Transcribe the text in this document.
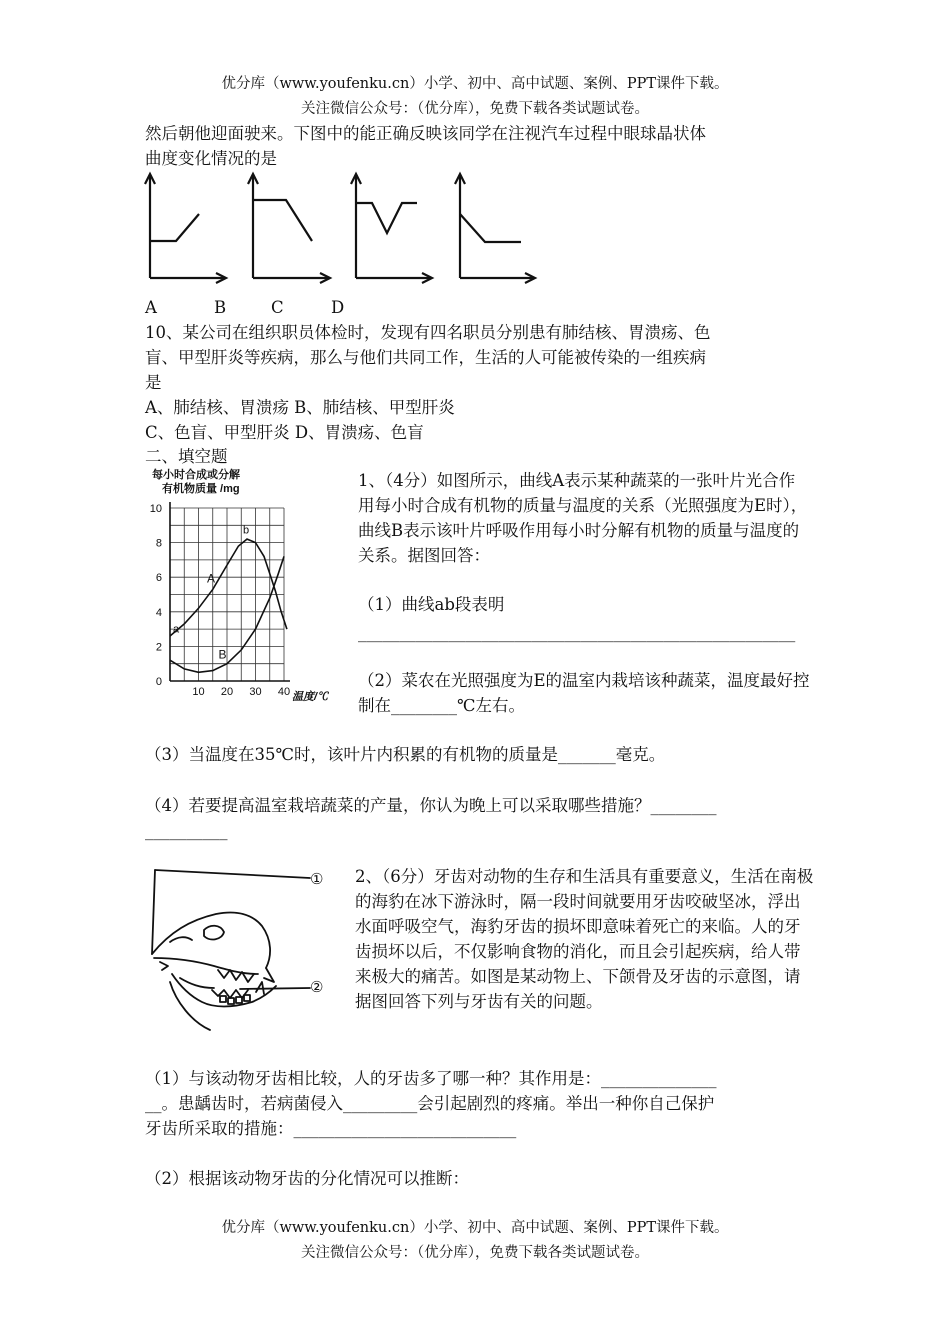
优分库（www.youfenku.cn）小学、初中、高中试题、案例、PPT课件下载。
关注微信公众号：（优分库），免费下载各类试题试卷。
然后朝他迎面驶来。下图中的能正确反映该同学在注视汽车过程中眼球晶状体
曲度变化情况的是
A	B	C	D
10、某公司在组织职员体检时，发现有四名职员分别患有肺结核、胃溃疡、色
盲、甲型肝炎等疾病，那么与他们共同工作，生活的人可能被传染的一组疾病
是
A、肺结核、胃溃疡 B、肺结核、甲型肝炎
C、色盲、甲型肝炎 D、胃溃疡、色盲
二、填空题
每小时合成或分解
有机物质量 /mg
0
2
4
6
8
10
10 20 30 40 温度/℃
a
b
A
B
1、（4分）如图所示，曲线A表示某种蔬菜的一张叶片光合作用每小时合成有机物的质量与温度的关系（光照强度为E时），曲线B表示该叶片呼吸作用每小时分解有机物的质量与温度的关系。据图回答：
（1）曲线ab段表明
_____________________________________________________
（2）菜农在光照强度为E的温室内栽培该种蔬菜，温度最好控制在________℃左右。
（3）当温度在35℃时，该叶片内积累的有机物的质量是_______毫克。
（4）若要提高温室栽培蔬菜的产量，你认为晚上可以采取哪些措施？________
__________
①
②
2、（6分）牙齿对动物的生存和生活具有重要意义，生活在南极的海豹在冰下游泳时，隔一段时间就要用牙齿咬破坚冰，浮出水面呼吸空气，海豹牙齿的损坏即意味着死亡的来临。人的牙齿损坏以后，不仅影响食物的消化，而且会引起疾病，给人带来极大的痛苦。如图是某动物上、下颌骨及牙齿的示意图，请据图回答下列与牙齿有关的问题。
（1）与该动物牙齿相比较，人的牙齿多了哪一种？其作用是：______________
__。患龋齿时，若病菌侵入_________会引起剧烈的疼痛。举出一种你自己保护
牙齿所采取的措施：___________________________
（2）根据该动物牙齿的分化情况可以推断：
优分库（www.youfenku.cn）小学、初中、高中试题、案例、PPT课件下载。
关注微信公众号：（优分库），免费下载各类试题试卷。
